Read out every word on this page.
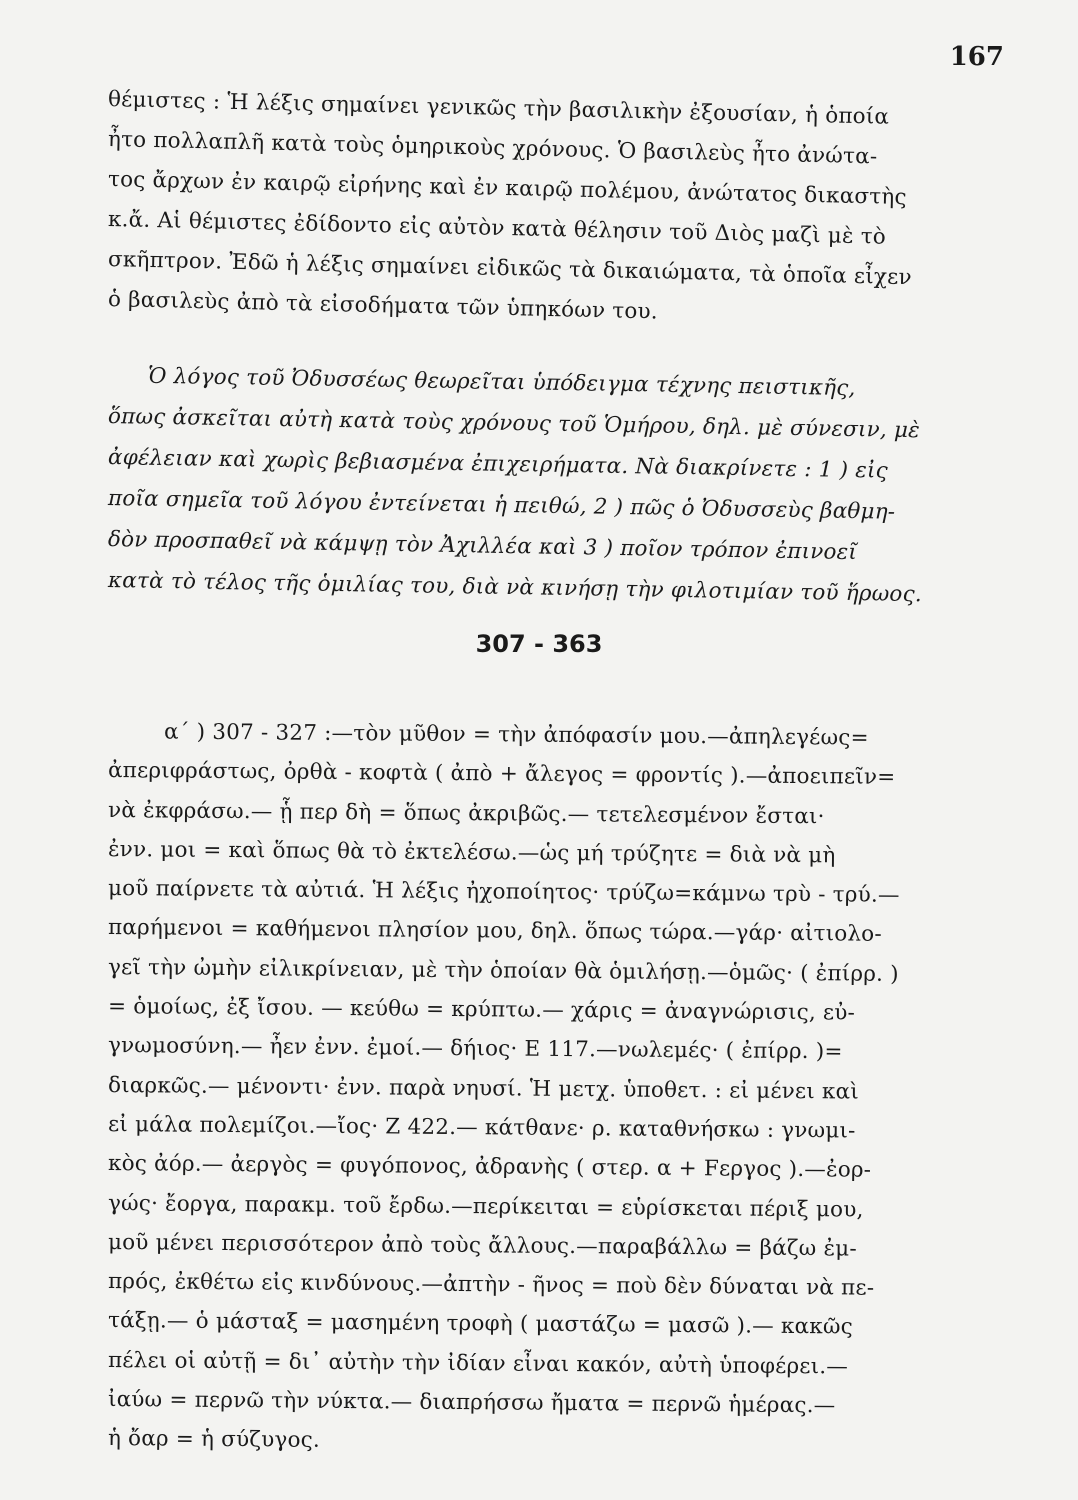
167
θέμιστες : Ἡ λέξις σημαίνει γενικῶς τὴν βασιλικὴν ἐξουσίαν, ἡ ὁποία
ἦτο πολλαπλῆ κατὰ τοὺς ὁμηρικοὺς χρόνους. Ὁ βασιλεὺς ἦτο ἀνώτα-
τος ἄρχων ἐν καιρῷ εἰρήνης καὶ ἐν καιρῷ πολέμου, ἀνώτατος δικαστὴς
κ.ἄ. Αἱ θέμιστες ἐδίδοντο εἰς αὐτὸν κατὰ θέλησιν τοῦ Διὸς μαζὶ μὲ τὸ
σκῆπτρον. Ἐδῶ ἡ λέξις σημαίνει εἰδικῶς τὰ δικαιώματα, τὰ ὁποῖα εἶχεν
ὁ βασιλεὺς ἀπὸ τὰ εἰσοδήματα τῶν ὑπηκόων του.
Ὁ λόγος τοῦ Ὀδυσσέως θεωρεῖται ὑπόδειγμα τέχνης πειστικῆς,
ὅπως ἀσκεῖται αὐτὴ κατὰ τοὺς χρόνους τοῦ Ὁμήρου, δηλ. μὲ σύνεσιν, μὲ
ἀφέλειαν καὶ χωρὶς βεβιασμένα ἐπιχειρήματα. Νὰ διακρίνετε : 1 ) εἰς
ποῖα σημεῖα τοῦ λόγου ἐντείνεται ἡ πειθώ, 2 ) πῶς ὁ Ὀδυσσεὺς βαθμη-
δὸν προσπαθεῖ νὰ κάμψῃ τὸν Ἀχιλλέα καὶ 3 ) ποῖον τρόπον ἐπινοεῖ
κατὰ τὸ τέλος τῆς ὁμιλίας του, διὰ νὰ κινήσῃ τὴν φιλοτιμίαν τοῦ ἥρωος.
307 - 363
α΄ ) 307 - 327 :—τὸν μῦθον = τὴν ἀπόφασίν μου.—ἀπηλεγέως=
ἀπεριφράστως, ὀρθὰ - κοφτὰ ( ἀπὸ + ἄλεγος = φροντίς ).—ἀποειπεῖν=
νὰ ἐκφράσω.— ᾗ περ δὴ = ὅπως ἀκριβῶς.— τετελεσμένον ἔσται·
ἐνν. μοι = καὶ ὅπως θὰ τὸ ἐκτελέσω.—ὡς μή τρύζητε = διὰ νὰ μὴ
μοῦ παίρνετε τὰ αὐτιά. Ἡ λέξις ἠχοποίητος· τρύζω=κάμνω τρὺ - τρύ.—
παρήμενοι = καθήμενοι πλησίον μου, δηλ. ὅπως τώρα.—γάρ· αἰτιολο-
γεῖ τὴν ὠμὴν εἰλικρίνειαν, μὲ τὴν ὁποίαν θὰ ὁμιλήσῃ.—ὁμῶς· ( ἐπίρρ. )
= ὁμοίως, ἐξ ἴσου. — κεύθω = κρύπτω.— χάρις = ἀναγνώρισις, εὐ-
γνωμοσύνη.— ἦεν ἐνν. ἐμοί.— δήιος· Ε 117.—νωλεμές· ( ἐπίρρ. )=
διαρκῶς.— μένοντι· ἐνν. παρὰ νηυσί. Ἡ μετχ. ὑποθετ. : εἰ μένει καὶ
εἰ μάλα πολεμίζοι.—ἴος· Ζ 422.— κάτθανε· ρ. καταθνήσκω : γνωμι-
κὸς ἀόρ.— ἀεργὸς = φυγόπονος, ἀδρανὴς ( στερ. α + Fεργος ).—ἐορ-
γώς· ἔοργα, παρακμ. τοῦ ἔρδω.—περίκειται = εὑρίσκεται πέριξ μου,
μοῦ μένει περισσότερον ἀπὸ τοὺς ἄλλους.—παραβάλλω = βάζω ἐμ-
πρός, ἐκθέτω εἰς κινδύνους.—ἀπτὴν - ῆνος = ποὺ δὲν δύναται νὰ πε-
τάξῃ.— ὁ μάσταξ = μασημένη τροφὴ ( μαστάζω = μασῶ ).— κακῶς
πέλει οἱ αὐτῇ = δι᾽ αὐτὴν τὴν ἰδίαν εἶναι κακόν, αὐτὴ ὑποφέρει.—
ἰαύω = περνῶ τὴν νύκτα.— διαπρήσσω ἤματα = περνῶ ἡμέρας.—
ἡ ὄαρ = ἡ σύζυγος.
